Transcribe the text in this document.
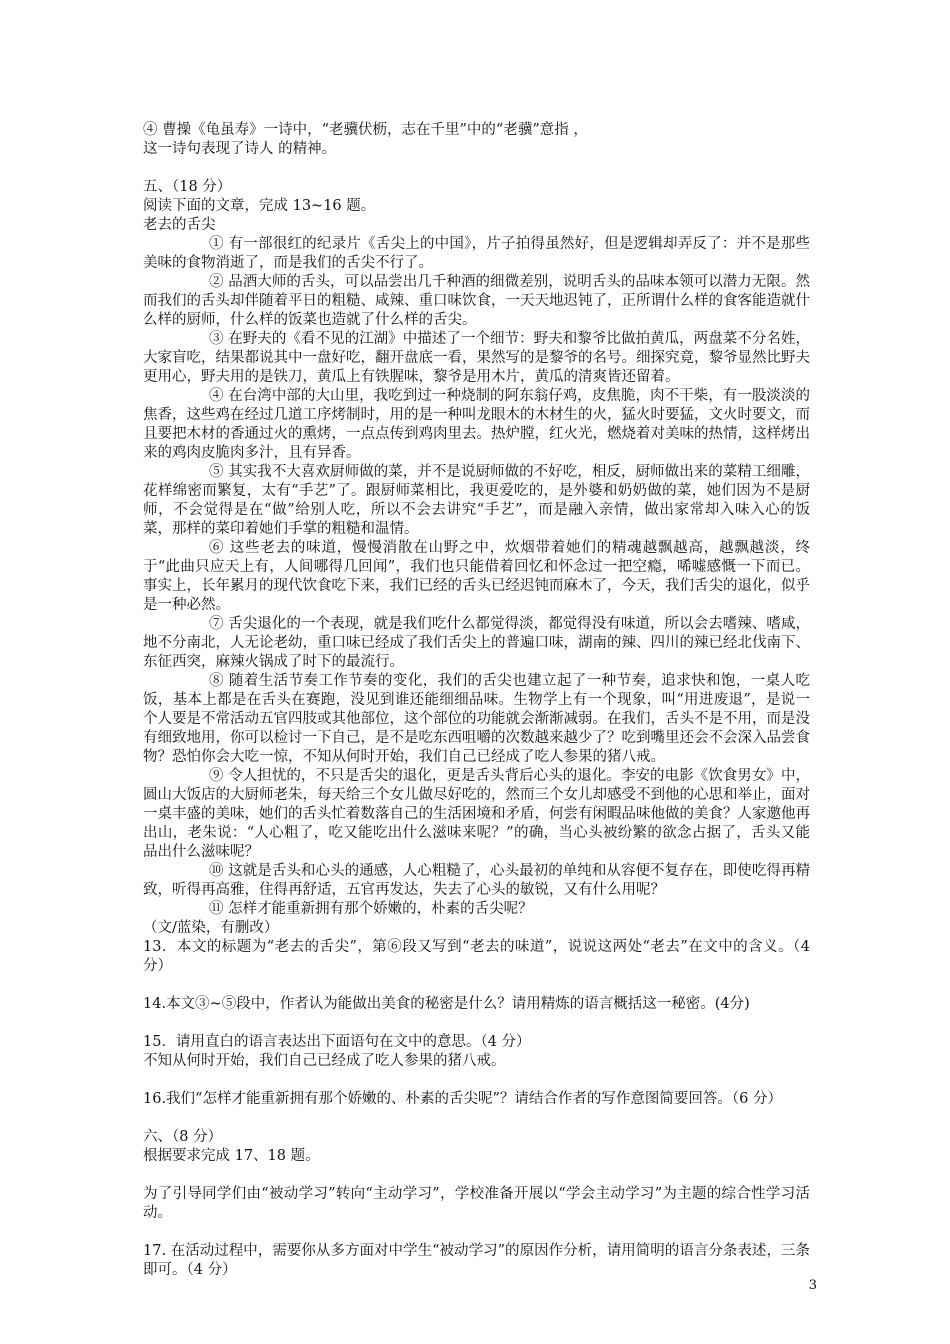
④ 曹操《龟虽寿》一诗中，“老骥伏枥，志在千里”中的“老骥”意指 ，

这一诗句表现了诗人 的精神。

五、（18 分）

阅读下面的文章，完成 13~16 题。

老去的舌尖

① 有一部很红的纪录片《舌尖上的中国》，片子拍得虽然好，但是逻辑却弄反了：并不是那些美味的食物消逝了，而是我们的舌尖不行了。

② 品酒大师的舌头，可以品尝出几千种酒的细微差别，说明舌头的品味本领可以潜力无限。然而我们的舌头却伴随着平日的粗糙、咸辣、重口味饮食，一天天地迟钝了，正所谓什么样的食客能造就什么样的厨师，什么样的饭菜也造就了什么样的舌尖。

③ 在野夫的《看不见的江湖》中描述了一个细节：野夫和黎爷比做拍黄瓜，两盘菜不分名姓，大家盲吃，结果都说其中一盘好吃，翻开盘底一看，果然写的是黎爷的名号。细探究竟，黎爷显然比野夫更用心，野夫用的是铁刀，黄瓜上有铁腥味，黎爷是用木片，黄瓜的清爽皆还留着。

④ 在台湾中部的大山里，我吃到过一种烧制的阿东翁仔鸡，皮焦脆，肉不干柴，有一股淡淡的焦香，这些鸡在经过几道工序烤制时，用的是一种叫龙眼木的木材生的火，猛火时要猛，文火时要文，而且要把木材的香通过火的熏烤，一点点传到鸡肉里去。热炉膛，红火光，燃烧着对美味的热情，这样烤出来的鸡肉皮脆肉多汁，且有异香。

⑤ 其实我不大喜欢厨师做的菜，并不是说厨师做的不好吃，相反，厨师做出来的菜精工细雕，花样绵密而繁复，太有“手艺”了。跟厨师菜相比，我更爱吃的，是外婆和奶奶做的菜，她们因为不是厨师，不会觉得是在“做”给别人吃，所以不会去讲究“手艺”，而是融入亲情，做出家常却入味入心的饭菜，那样的菜印着她们手掌的粗糙和温情。

⑥ 这些老去的味道，慢慢消散在山野之中，炊烟带着她们的精魂越飘越高，越飘越淡，终于“此曲只应天上有，人间哪得几回闻”，我们也只能借着回忆和怀念过一把空瘾，唏嘘感慨一下而已。事实上，长年累月的现代饮食吃下来，我们已经的舌头已经迟钝而麻木了，今天，我们舌尖的退化，似乎是一种必然。

⑦ 舌尖退化的一个表现，就是我们吃什么都觉得淡，都觉得没有味道，所以会去嗜辣、嗜咸，地不分南北，人无论老幼，重口味已经成了我们舌尖上的普遍口味，湖南的辣、四川的辣已经北伐南下、东征西突，麻辣火锅成了时下的最流行。

⑧ 随着生活节奏工作节奏的变化，我们的舌尖也建立起了一种节奏，追求快和饱，一桌人吃饭，基本上都是在舌头在赛跑，没见到谁还能细细品味。生物学上有一个现象，叫“用进废退”，是说一个人要是不常活动五官四肢或其他部位，这个部位的功能就会渐渐减弱。在我们，舌头不是不用，而是没有细致地用，你可以检讨一下自己，是不是吃东西咀嚼的次数越来越少了？吃到嘴里还会不会深入品尝食物？恐怕你会大吃一惊，不知从何时开始，我们自己已经成了吃人参果的猪八戒。

⑨ 令人担忧的，不只是舌尖的退化，更是舌头背后心头的退化。李安的电影《饮食男女》中，圆山大饭店的大厨师老朱，每天给三个女儿做尽好吃的，然而三个女儿却感受不到他的心思和举止，面对一桌丰盛的美味，她们的舌头忙着数落自己的生活困境和矛盾，何尝有闲暇品味他做的美食？人家邀他再出山，老朱说：“人心粗了，吃又能吃出什么滋味来呢？”的确，当心头被纷繁的欲念占据了，舌头又能品出什么滋味呢？

⑩ 这就是舌头和心头的通感，人心粗糙了，心头最初的单纯和从容便不复存在，即使吃得再精致，听得再高雅，住得再舒适，五官再发达，失去了心头的敏锐，又有什么用呢？

⑪ 怎样才能重新拥有那个娇嫩的，朴素的舌尖呢？

（文/蓝染，有删改）

13．本文的标题为“老去的舌尖”，第⑥段又写到“老去的味道”，说说这两处“老去”在文中的含义。（4 分）

14.本文③~⑤段中，作者认为能做出美食的秘密是什么？请用精炼的语言概括这一秘密。(4分)

15．请用直白的语言表达出下面语句在文中的意思。（4 分）

不知从何时开始，我们自己已经成了吃人参果的猪八戒。

16.我们“怎样才能重新拥有那个娇嫩的、朴素的舌尖呢”？请结合作者的写作意图简要回答。（6 分）

六、（8 分）

根据要求完成 17、18 题。

为了引导同学们由“被动学习”转向“主动学习”，学校准备开展以“学会主动学习”为主题的综合性学习活动。

17. 在活动过程中，需要你从多方面对中学生“被动学习”的原因作分析，请用简明的语言分条表述，三条即可。（4 分）

3
